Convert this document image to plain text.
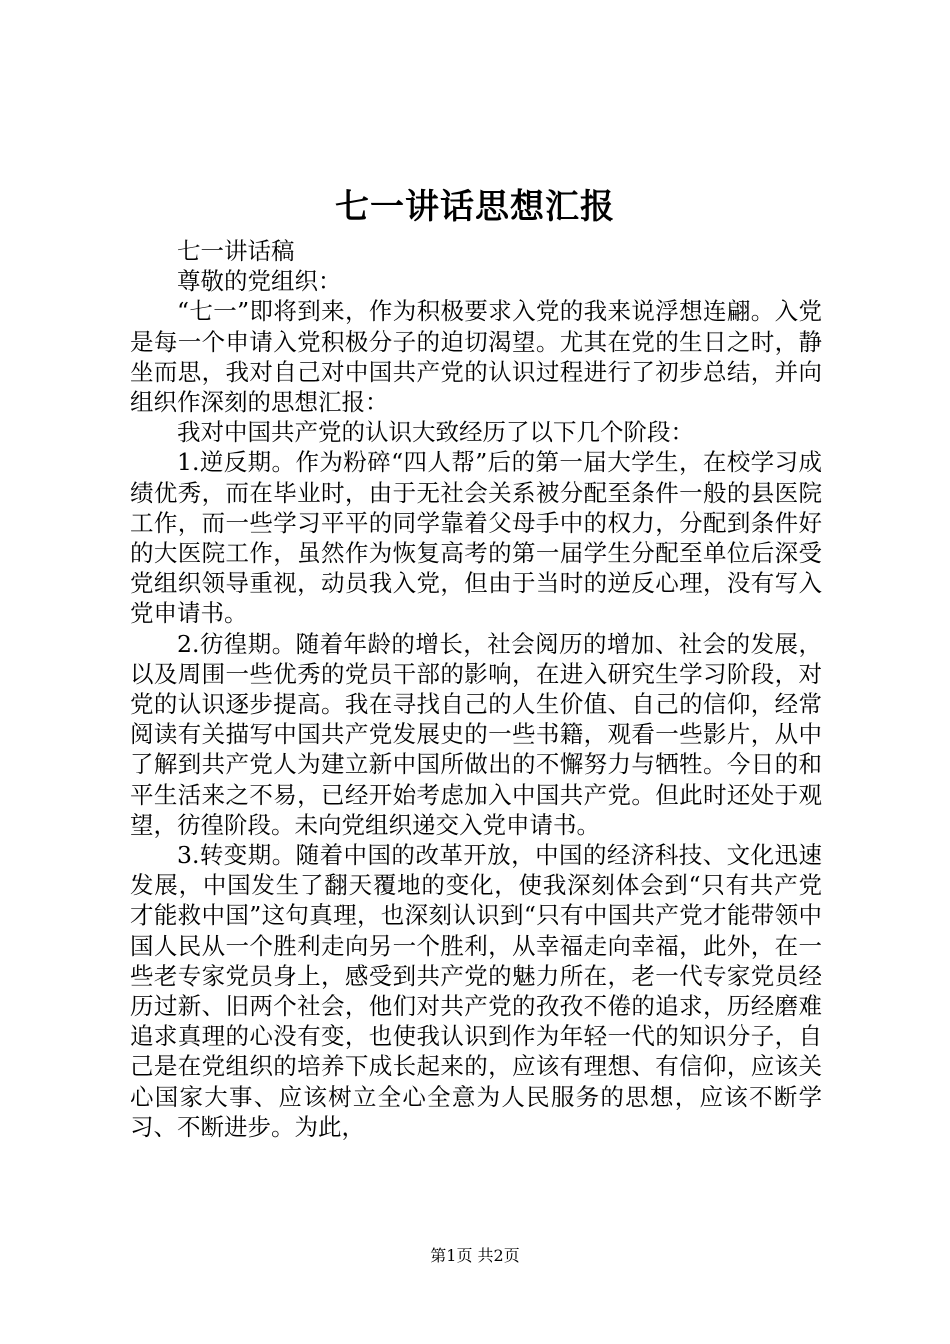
七一讲话思想汇报

七一讲话稿

尊敬的党组织：

“七一”即将到来，作为积极要求入党的我来说浮想连翩。入党是每一个申请入党积极分子的迫切渴望。尤其在党的生日之时，静坐而思，我对自己对中国共产党的认识过程进行了初步总结，并向组织作深刻的思想汇报：

我对中国共产党的认识大致经历了以下几个阶段：

1.逆反期。作为粉碎“四人帮”后的第一届大学生，在校学习成绩优秀，而在毕业时，由于无社会关系被分配至条件一般的县医院工作，而一些学习平平的同学靠着父母手中的权力，分配到条件好的大医院工作，虽然作为恢复高考的第一届学生分配至单位后深受党组织领导重视，动员我入党，但由于当时的逆反心理，没有写入党申请书。

2.彷徨期。随着年龄的增长，社会阅历的增加、社会的发展，以及周围一些优秀的党员干部的影响，在进入研究生学习阶段，对党的认识逐步提高。我在寻找自己的人生价值、自己的信仰，经常阅读有关描写中国共产党发展史的一些书籍，观看一些影片，从中了解到共产党人为建立新中国所做出的不懈努力与牺牲。今日的和平生活来之不易，已经开始考虑加入中国共产党。但此时还处于观望，彷徨阶段。未向党组织递交入党申请书。

3.转变期。随着中国的改革开放，中国的经济科技、文化迅速发展，中国发生了翻天覆地的变化，使我深刻体会到“只有共产党才能救中国”这句真理，也深刻认识到“只有中国共产党才能带领中国人民从一个胜利走向另一个胜利，从幸福走向幸福，此外，在一些老专家党员身上，感受到共产党的魅力所在，老一代专家党员经历过新、旧两个社会，他们对共产党的孜孜不倦的追求，历经磨难追求真理的心没有变，也使我认识到作为年轻一代的知识分子，自己是在党组织的培养下成长起来的，应该有理想、有信仰，应该关心国家大事、应该树立全心全意为人民服务的思想，应该不断学习、不断进步。为此，

第1页 共2页
